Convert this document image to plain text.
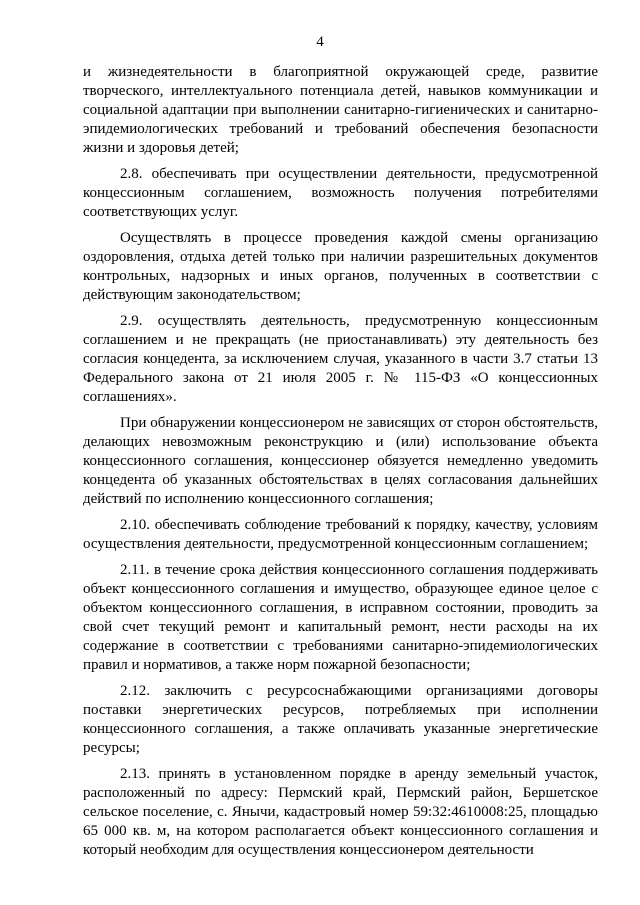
4

и жизнедеятельности в благоприятной окружающей среде, развитие творческого, интеллектуального потенциала детей, навыков коммуникации и социальной адаптации при выполнении санитарно-гигиенических и санитарно-эпидемиологических требований и требований обеспечения безопасности жизни и здоровья детей;

2.8. обеспечивать при осуществлении деятельности, предусмотренной концессионным соглашением, возможность получения потребителями соответствующих услуг.

Осуществлять в процессе проведения каждой смены организацию оздоровления, отдыха детей только при наличии разрешительных документов контрольных, надзорных и иных органов, полученных в соответствии с действующим законодательством;

2.9. осуществлять деятельность, предусмотренную концессионным соглашением и не прекращать (не приостанавливать) эту деятельность без согласия концедента, за исключением случая, указанного в части 3.7 статьи 13 Федерального закона от 21 июля 2005 г. № 115-ФЗ «О концессионных соглашениях».

При обнаружении концессионером не зависящих от сторон обстоятельств, делающих невозможным реконструкцию и (или) использование объекта концессионного соглашения, концессионер обязуется немедленно уведомить концедента об указанных обстоятельствах в целях согласования дальнейших действий по исполнению концессионного соглашения;

2.10. обеспечивать соблюдение требований к порядку, качеству, условиям осуществления деятельности, предусмотренной концессионным соглашением;

2.11. в течение срока действия концессионного соглашения поддерживать объект концессионного соглашения и имущество, образующее единое целое с объектом концессионного соглашения, в исправном состоянии, проводить за свой счет текущий ремонт и капитальный ремонт, нести расходы на их содержание в соответствии с требованиями санитарно-эпидемиологических правил и нормативов, а также норм пожарной безопасности;

2.12. заключить с ресурсоснабжающими организациями договоры поставки энергетических ресурсов, потребляемых при исполнении концессионного соглашения, а также оплачивать указанные энергетические ресурсы;

2.13. принять в установленном порядке в аренду земельный участок, расположенный по адресу: Пермский край, Пермский район, Бершетское сельское поселение, с. Янычи, кадастровый номер 59:32:4610008:25, площадью 65 000 кв. м, на котором располагается объект концессионного соглашения и который необходим для осуществления концессионером деятельности
